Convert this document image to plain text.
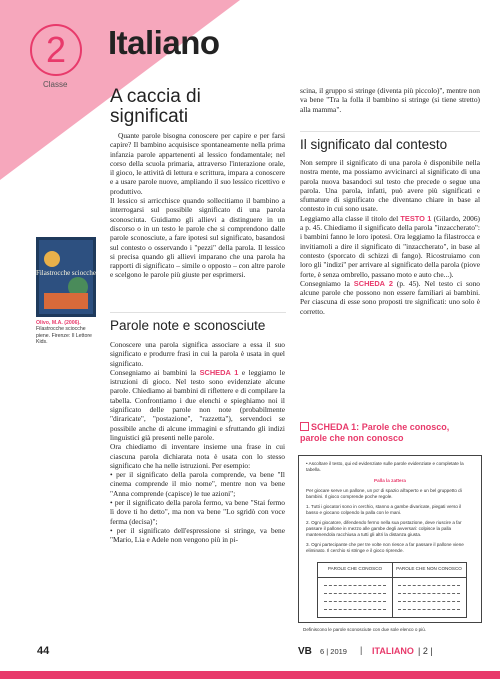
2
Classe
Italiano
A caccia di
significati

Quante parole bisogna conoscere per capire e per farsi capire? Il bambino acquisisce spontaneamente nella prima infanzia parole appartenenti al lessico fondamentale; nel corso della scuola primaria, attraverso l'interazione orale, il gioco, le attività di lettura e scrittura, impara a conoscere e a usare parole nuove, ampliando il suo lessico ricettivo e produttivo.

Il lessico si arricchisce quando sollecitiamo il bambino a interrogarsi sul possibile significato di una parola sconosciuta. Guidiamo gli allievi a distinguere in un discorso o in un testo le parole che si comprendono dalle parole sconosciute, a fare ipotesi sul significato, basandosi sul contesto o osservando i "pezzi" della parola. Il lessico si precisa quando gli allievi imparano che una parola ha rapporti di significato – simile o opposto – con altre parole e scelgono le parole più giuste per esprimersi.

Filastrocche sciocche
Olivo, M.A. (2006). Filastrocche sciocche piene. Firenze: Il Lettore Kids.
Parole note e sconosciute

Conoscere una parola significa associare a essa il suo significato e produrre frasi in cui la parola è usata in quel significato.

Consegniamo ai bambini la SCHEDA 1 e leggiamo le istruzioni di gioco. Nel testo sono evidenziate alcune parole. Chiediamo ai bambini di riflettere e di compilare la tabella. Confrontiamo i due elenchi e spieghiamo noi il significato delle parole non note (probabilmente "diraricate", "postazione", "razzetta"), servendoci se possibile anche di alcune immagini e sfruttando gli indizi linguistici già presenti nelle parole.

Ora chiediamo di inventare insieme una frase in cui ciascuna parola dichiarata nota è usata con lo stesso significato che ha nelle istruzioni. Per esempio:

• per il significato della parola comprende, va bene "Il cinema comprende il mio nome", mentre non va bene "Anna comprende (capisce) le tue azioni";

• per il significato della parola fermo, va bene "Stai fermo lì dove ti ho detto", ma non va bene "Lo sgridò con voce ferma (decisa)";

• per il significato dell'espressione si stringe, va bene "Mario, Lia e Adele non vengono più in pi-

scina, il gruppo si stringe (diventa più piccolo)", mentre non va bene "Tra la folla il bambino si stringe (si tiene stretto) alla mamma".
Il significato dal contesto

Non sempre il significato di una parola è disponibile nella nostra mente, ma possiamo avvicinarci al significato di una parola nuova basandoci sul testo che precede o segue una parola. Una parola, infatti, può avere più significati e sfumature di significato che diventano chiare in base al contesto in cui sono usate.

Leggiamo alla classe il titolo del TESTO 1 (Gilardo, 2006) a p. 45. Chiediamo il significato della parola "inzaccherato": i bambini fanno le loro ipotesi. Ora leggiamo la filastrocca e invitiamoli a dire il significato di "inzaccherato", in base al contesto (sporcato di schizzi di fango). Ricostruiamo con loro gli "indizi" per arrivare al significato della parola (piove forte, è senza ombrello, passano moto e auto che...).

Consegniamo la SCHEDA 2 (p. 45). Nel testo ci sono alcune parole che possono non essere familiari ai bambini. Per ciascuna di esse sono proposti tre significati: uno solo è corretto.

SCHEDA 1: Parole che conosco,
parole che non conosco
• Ascoltare il testo, qui ed evidenziate sulle parole evidenziate e completate la tabella.
Palla la zattera
Per giocare serve un pallone, un po' di spazio all'aperto e un bel gruppetto di bambini. Il gioco comprende poche regole.
1. Tutti i giocatori sono in cerchio, stanno a gambe divaricate, piegati verso il basso e giocano colpendo la palla con le mani.
2. Ogni giocatore, difendendo fermo nella sua postazione, deve riuscire a far passare il pallone in mezzo alle gambe degli avversari: colpisce la palla mantenendola racchiusa a tutti gli altri la distanza giusta.
3. Ogni partecipante che per tre volte non riesce a far passare il pallone viene eliminato. Il cerchio si stringe e il gioco riprende.
PAROLE CHE CONOSCO	PAROLE CHE NON CONOSCO
Definiscono le parole sconosciute con due sole elenco o più.
44	VB 6 | 2019 | ITALIANO | 2 |
